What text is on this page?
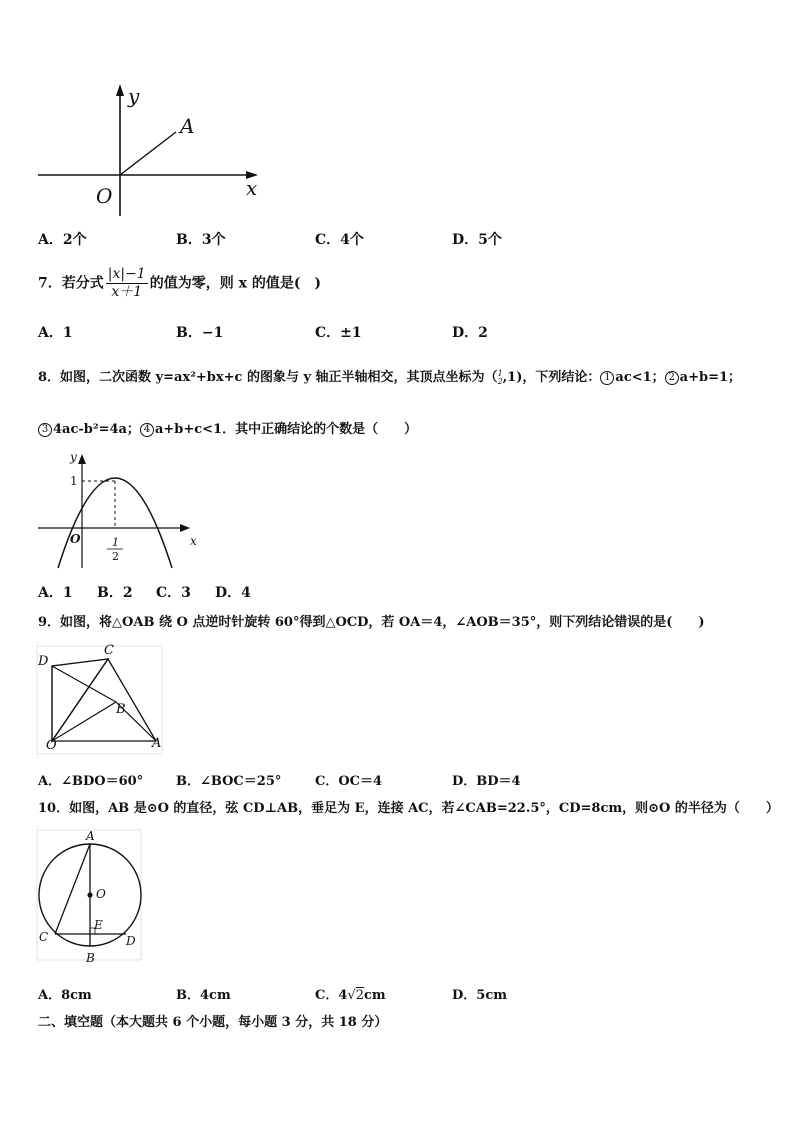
y
x
O
A
A．2个	B．3个	C．4个	D．5个
7．若分式 $\frac{|x|-1}{x+1}$ 的值为零，则 x 的值是(　)
A．1	B．−1	C．±1	D．2
8．如图，二次函数 y=ax²+bx+c 的图象与 y 轴正半轴相交，其顶点坐标为（ 1
2 ,1)，下列结论： 1 ac<1； 2 a+b=1；
3 4ac-b²=4a； 4 a+b+c<1．其中正确结论的个数是（　　）
y
x
O
1
1
2
A．1 B．2 C．3 D．4
9．如图，将△OAB 绕 O 点逆时针旋转 60°得到△OCD，若 OA＝4，∠AOB＝35°，则下列结论错误的是(　　)
D
C
B
O	A
A．∠BDO＝60°	B．∠BOC＝25°	C．OC＝4	D．BD＝4
10．如图，AB 是⊙O 的直径，弦 CD⊥AB，垂足为 E，连接 AC，若∠CAB=22.5°，CD=8cm，则⊙O 的半径为（　　）
A
O
E
C	D
B
A．8cm	B．4cm	C．4√2cm	D．5cm
二、填空题（本大题共 6 个小题，每小题 3 分，共 18 分）
